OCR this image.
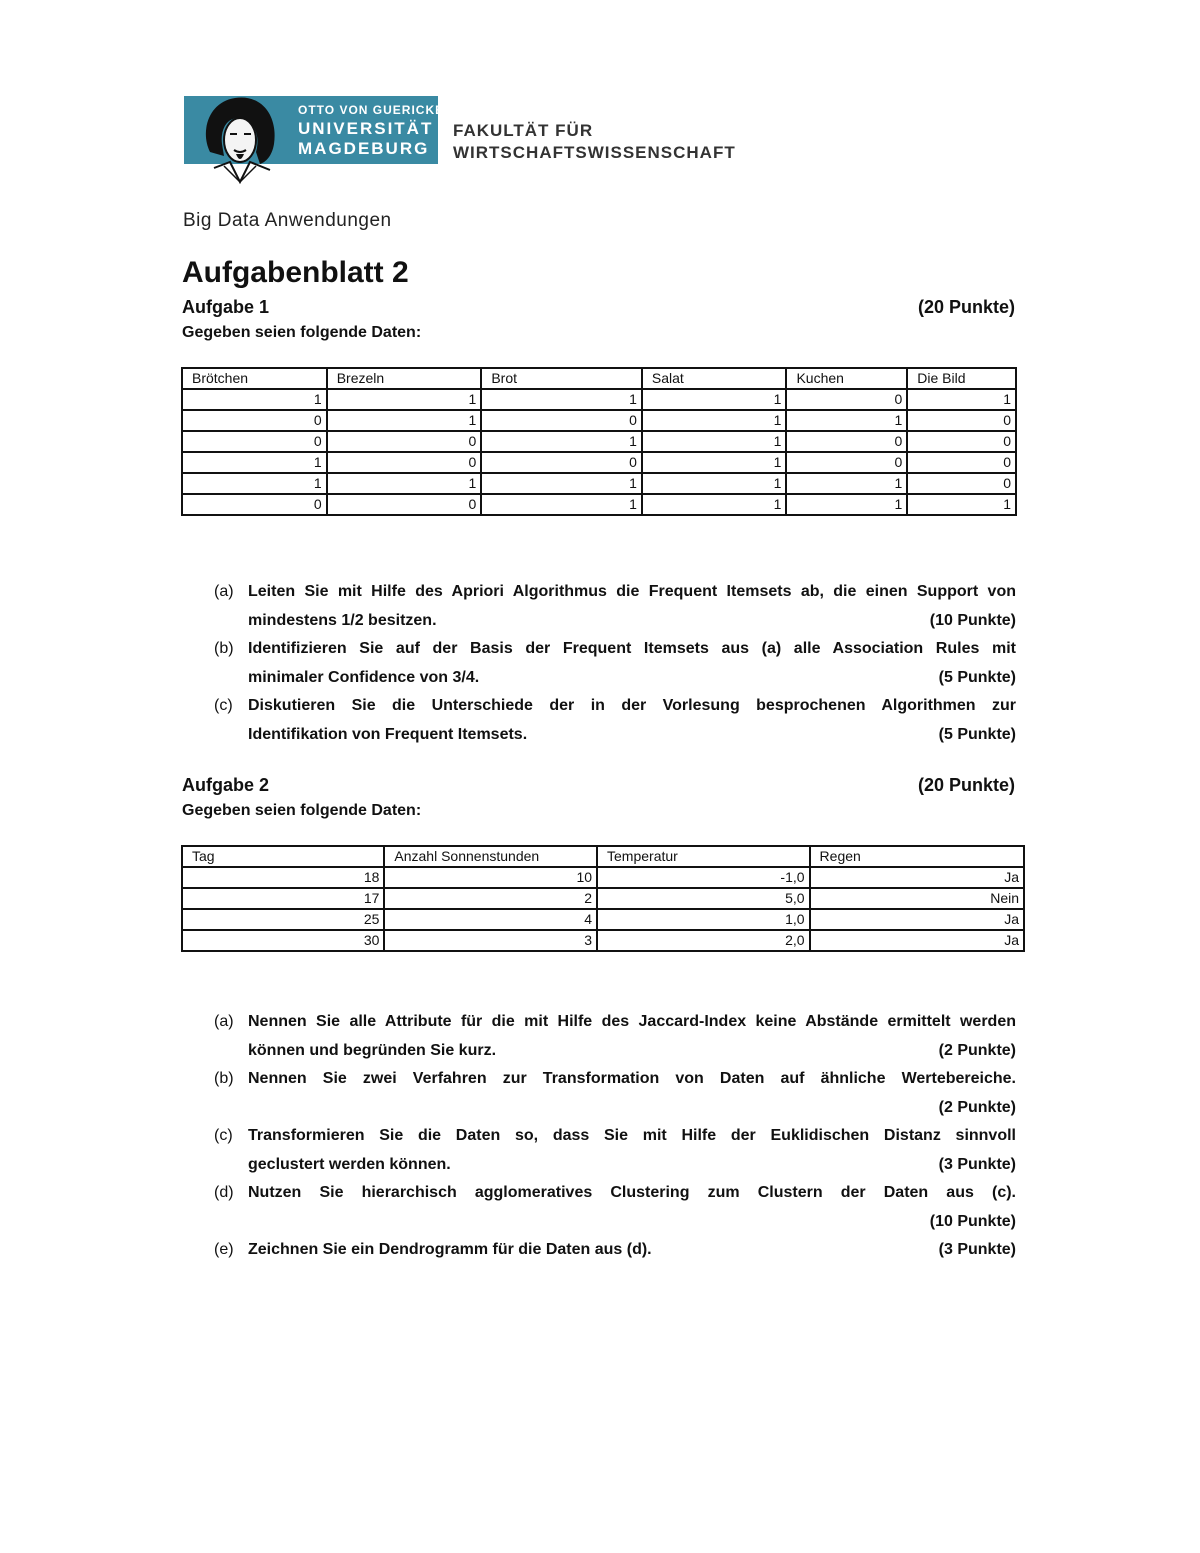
OTTO VON GUERICKE
UNIVERSITÄT
MAGDEBURG
FAKULTÄT FÜR
WIRTSCHAFTSWISSENSCHAFT
Big Data Anwendungen
Aufgabenblatt 2
Aufgabe 1	(20 Punkte)
Gegeben seien folgende Daten:
Brötchen	Brezeln	Brot	Salat	Kuchen	Die Bild
1	1	1	1	0	1
0	1	0	1	1	0
0	0	1	1	0	0
1	0	0	1	0	0
1	1	1	1	1	0
0	0	1	1	1	1
(a) Leiten Sie mit Hilfe des Apriori Algorithmus die Frequent Itemsets ab, die einen Support von
mindestens 1/2 besitzen.	(10 Punkte)
(b) Identifizieren Sie auf der Basis der Frequent Itemsets aus (a) alle Association Rules mit
minimaler Confidence von 3/4.	(5 Punkte)
(c) Diskutieren Sie die Unterschiede der in der Vorlesung besprochenen Algorithmen zur
Identifikation von Frequent Itemsets.	(5 Punkte)
Aufgabe 2	(20 Punkte)
Gegeben seien folgende Daten:
Tag	Anzahl Sonnenstunden	Temperatur	Regen
18	10	-1,0	Ja
17	2	5,0	Nein
25	4	1,0	Ja
30	3	2,0	Ja
(a) Nennen Sie alle Attribute für die mit Hilfe des Jaccard-Index keine Abstände ermittelt werden
können und begründen Sie kurz.	(2 Punkte)
(b) Nennen Sie zwei Verfahren zur Transformation von Daten auf ähnliche Wertebereiche.
(2 Punkte)
(c) Transformieren Sie die Daten so, dass Sie mit Hilfe der Euklidischen Distanz sinnvoll
geclustert werden können.	(3 Punkte)
(d) Nutzen Sie hierarchisch agglomeratives Clustering zum Clustern der Daten aus (c).
(10 Punkte)
(e) Zeichnen Sie ein Dendrogramm für die Daten aus (d).	(3 Punkte)
